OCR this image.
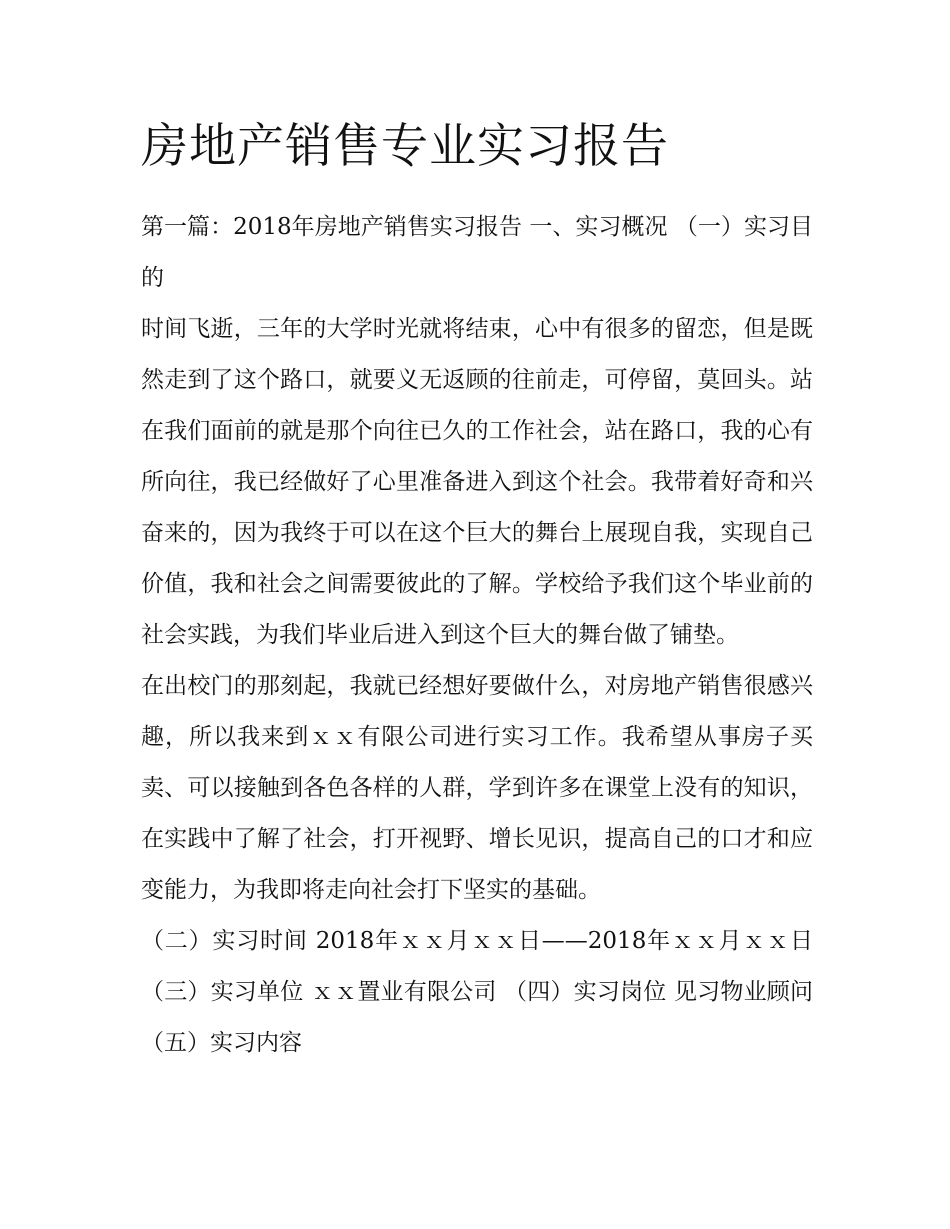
房地产销售专业实习报告

第一篇：2018年房地产销售实习报告 一、实习概况 （一）实习目的

时间飞逝，三年的大学时光就将结束，心中有很多的留恋，但是既然走到了这个路口，就要义无返顾的往前走，可停留，莫回头。站在我们面前的就是那个向往已久的工作社会，站在路口，我的心有所向往，我已经做好了心里准备进入到这个社会。我带着好奇和兴奋来的，因为我终于可以在这个巨大的舞台上展现自我，实现自己价值，我和社会之间需要彼此的了解。学校给予我们这个毕业前的社会实践，为我们毕业后进入到这个巨大的舞台做了铺垫。

在出校门的那刻起，我就已经想好要做什么，对房地产销售很感兴趣，所以我来到ｘｘ有限公司进行实习工作。我希望从事房子买卖、可以接触到各色各样的人群，学到许多在课堂上没有的知识，在实践中了解了社会，打开视野、增长见识，提高自己的口才和应变能力，为我即将走向社会打下坚实的基础。

（二）实习时间 2018年ｘｘ月ｘｘ日——2018年ｘｘ月ｘｘ日 （三）实习单位 ｘｘ置业有限公司 （四）实习岗位 见习物业顾问 （五）实习内容
